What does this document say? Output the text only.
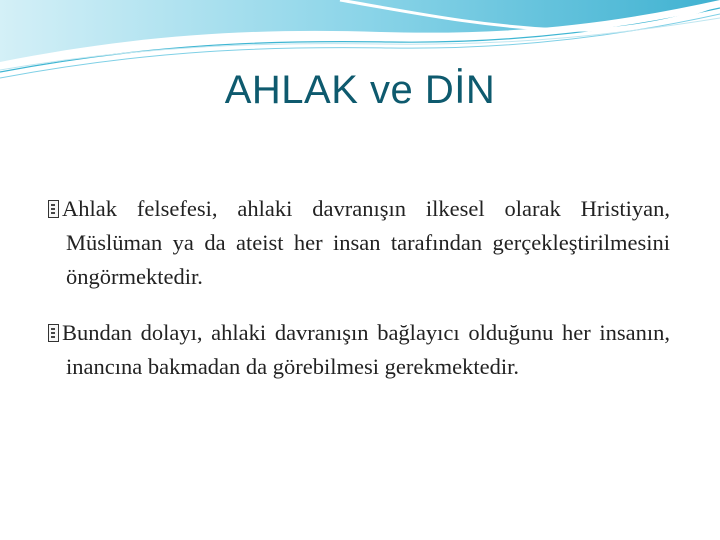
AHLAK ve DİN

Ahlak felsefesi, ahlaki davranışın ilkesel olarak Hristiyan, Müslüman ya da ateist her insan tarafından gerçekleştirilmesini öngörmektedir.

Bundan dolayı, ahlaki davranışın bağlayıcı olduğunu her insanın, inancına bakmadan da görebilmesi gerekmektedir.
